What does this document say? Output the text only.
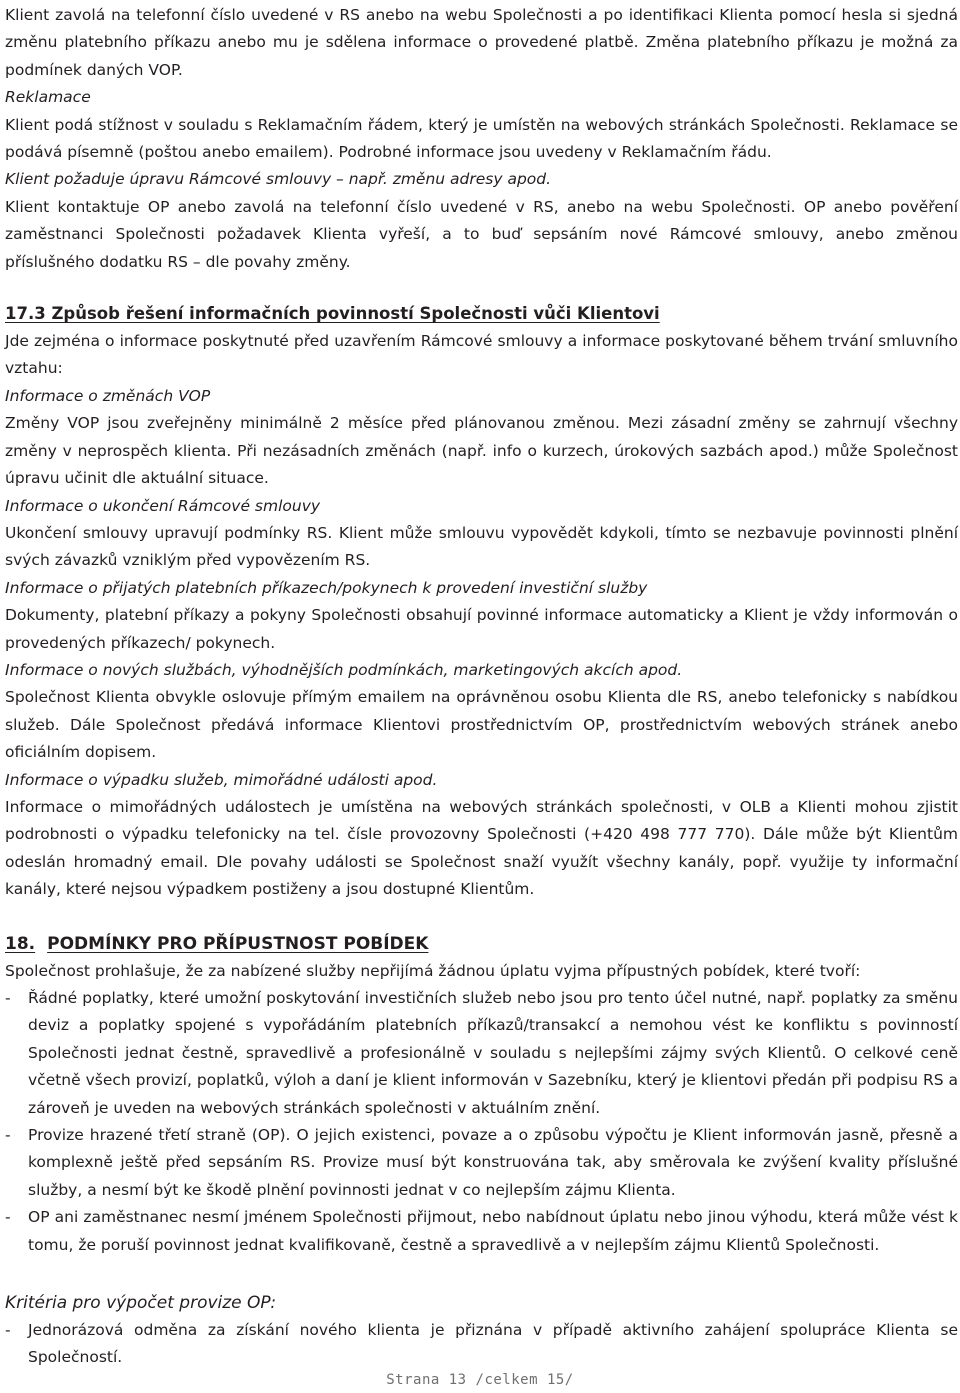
Klient zavolá na telefonní číslo uvedené v RS anebo na webu Společnosti a po identifikaci Klienta pomocí hesla si sjedná změnu platebního příkazu anebo mu je sdělena informace o provedené platbě. Změna platebního příkazu je možná za podmínek daných VOP.

Reklamace

Klient podá stížnost v souladu s Reklamačním řádem, který je umístěn na webových stránkách Společnosti. Reklamace se podává písemně (poštou anebo emailem). Podrobné informace jsou uvedeny v Reklamačním řádu.

Klient požaduje úpravu Rámcové smlouvy – např. změnu adresy apod.

Klient kontaktuje OP anebo zavolá na telefonní číslo uvedené v RS, anebo na webu Společnosti. OP anebo pověření zaměstnanci Společnosti požadavek Klienta vyřeší, a to buď sepsáním nové Rámcové smlouvy, anebo změnou příslušného dodatku RS – dle povahy změny.

17.3 Způsob řešení informačních povinností Společnosti vůči Klientovi

Jde zejména o informace poskytnuté před uzavřením Rámcové smlouvy a informace poskytované během trvání smluvního vztahu:

Informace o změnách VOP

Změny VOP jsou zveřejněny minimálně 2 měsíce před plánovanou změnou. Mezi zásadní změny se zahrnují všechny změny v neprospěch klienta. Při nezásadních změnách (např. info o kurzech, úrokových sazbách apod.) může Společnost úpravu učinit dle aktuální situace.

Informace o ukončení Rámcové smlouvy

Ukončení smlouvy upravují podmínky RS. Klient může smlouvu vypovědět kdykoli, tímto se nezbavuje povinnosti plnění svých závazků vzniklým před vypovězením RS.

Informace o přijatých platebních příkazech/pokynech k provedení investiční služby

Dokumenty, platební příkazy a pokyny Společnosti obsahují povinné informace automaticky a Klient je vždy informován o provedených příkazech/ pokynech.

Informace o nových službách, výhodnějších podmínkách, marketingových akcích apod.

Společnost Klienta obvykle oslovuje přímým emailem na oprávněnou osobu Klienta dle RS, anebo telefonicky s nabídkou služeb. Dále Společnost předává informace Klientovi prostřednictvím OP, prostřednictvím webových stránek anebo oficiálním dopisem.

Informace o výpadku služeb, mimořádné události apod.

Informace o mimořádných událostech je umístěna na webových stránkách společnosti, v OLB a Klienti mohou zjistit podrobnosti o výpadku telefonicky na tel. čísle provozovny Společnosti (+420 498 777 770). Dále může být Klientům odeslán hromadný email. Dle povahy události se Společnost snaží využít všechny kanály, popř. využije ty informační kanály, které nejsou výpadkem postiženy a jsou dostupné Klientům.

18. PODMÍNKY PRO PŘÍPUSTNOST POBÍDEK

Společnost prohlašuje, že za nabízené služby nepřijímá žádnou úplatu vyjma přípustných pobídek, které tvoří:

- Řádné poplatky, které umožní poskytování investičních služeb nebo jsou pro tento účel nutné, např. poplatky za směnu deviz a poplatky spojené s vypořádáním platebních příkazů/transakcí a nemohou vést ke konfliktu s povinností Společnosti jednat čestně, spravedlivě a profesionálně v souladu s nejlepšími zájmy svých Klientů. O celkové ceně včetně všech provizí, poplatků, výloh a daní je klient informován v Sazebníku, který je klientovi předán při podpisu RS a zároveň je uveden na webových stránkách společnosti v aktuálním znění.
- Provize hrazené třetí straně (OP). O jejich existenci, povaze a o způsobu výpočtu je Klient informován jasně, přesně a komplexně ještě před sepsáním RS. Provize musí být konstruována tak, aby směrovala ke zvýšení kvality příslušné služby, a nesmí být ke škodě plnění povinnosti jednat v co nejlepším zájmu Klienta.
- OP ani zaměstnanec nesmí jménem Společnosti přijmout, nebo nabídnout úplatu nebo jinou výhodu, která může vést k tomu, že poruší povinnost jednat kvalifikovaně, čestně a spravedlivě a v nejlepším zájmu Klientů Společnosti.

Kritéria pro výpočet provize OP:

- Jednorázová odměna za získání nového klienta je přiznána v případě aktivního zahájení spolupráce Klienta se Společností.
Strana 13 /celkem 15/
